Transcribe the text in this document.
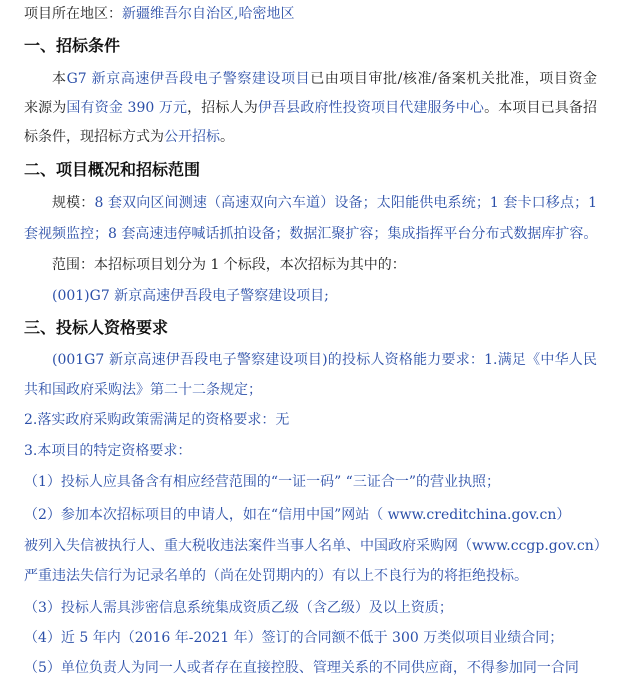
项目所在地区：新疆维吾尔自治区,哈密地区
一、招标条件
本G7 新京高速伊吾段电子警察建设项目已由项目审批/核准/备案机关批准，项目资金
来源为国有资金 390 万元，招标人为伊吾县政府性投资项目代建服务中心。本项目已具备招
标条件，现招标方式为公开招标。
二、项目概况和招标范围
规模：8 套双向区间测速（高速双向六车道）设备；太阳能供电系统；1 套卡口移点；1
套视频监控；8 套高速违停喊话抓拍设备；数据汇聚扩容；集成指挥平台分布式数据库扩容。
范围：本招标项目划分为 1 个标段，本次招标为其中的：
(001)G7 新京高速伊吾段电子警察建设项目;
三、投标人资格要求
(001G7 新京高速伊吾段电子警察建设项目)的投标人资格能力要求：1.满足《中华人民
共和国政府采购法》第二十二条规定；
2.落实政府采购政策需满足的资格要求：无
3.本项目的特定资格要求：
（1）投标人应具备含有相应经营范围的“一证一码” “三证合一”的营业执照；
（2）参加本次招标项目的申请人，如在“信用中国”网站（ www.creditchina.gov.cn）
被列入失信被执行人、重大税收违法案件当事人名单、中国政府采购网（www.ccgp.gov.cn）
严重违法失信行为记录名单的（尚在处罚期内的）有以上不良行为的将拒绝投标。
（3）投标人需具涉密信息系统集成资质乙级（含乙级）及以上资质；
（4）近 5 年内（2016 年-2021 年）签订的合同额不低于 300 万类似项目业绩合同；
（5）单位负责人为同一人或者存在直接控股、管理关系的不同供应商，不得参加同一合同
